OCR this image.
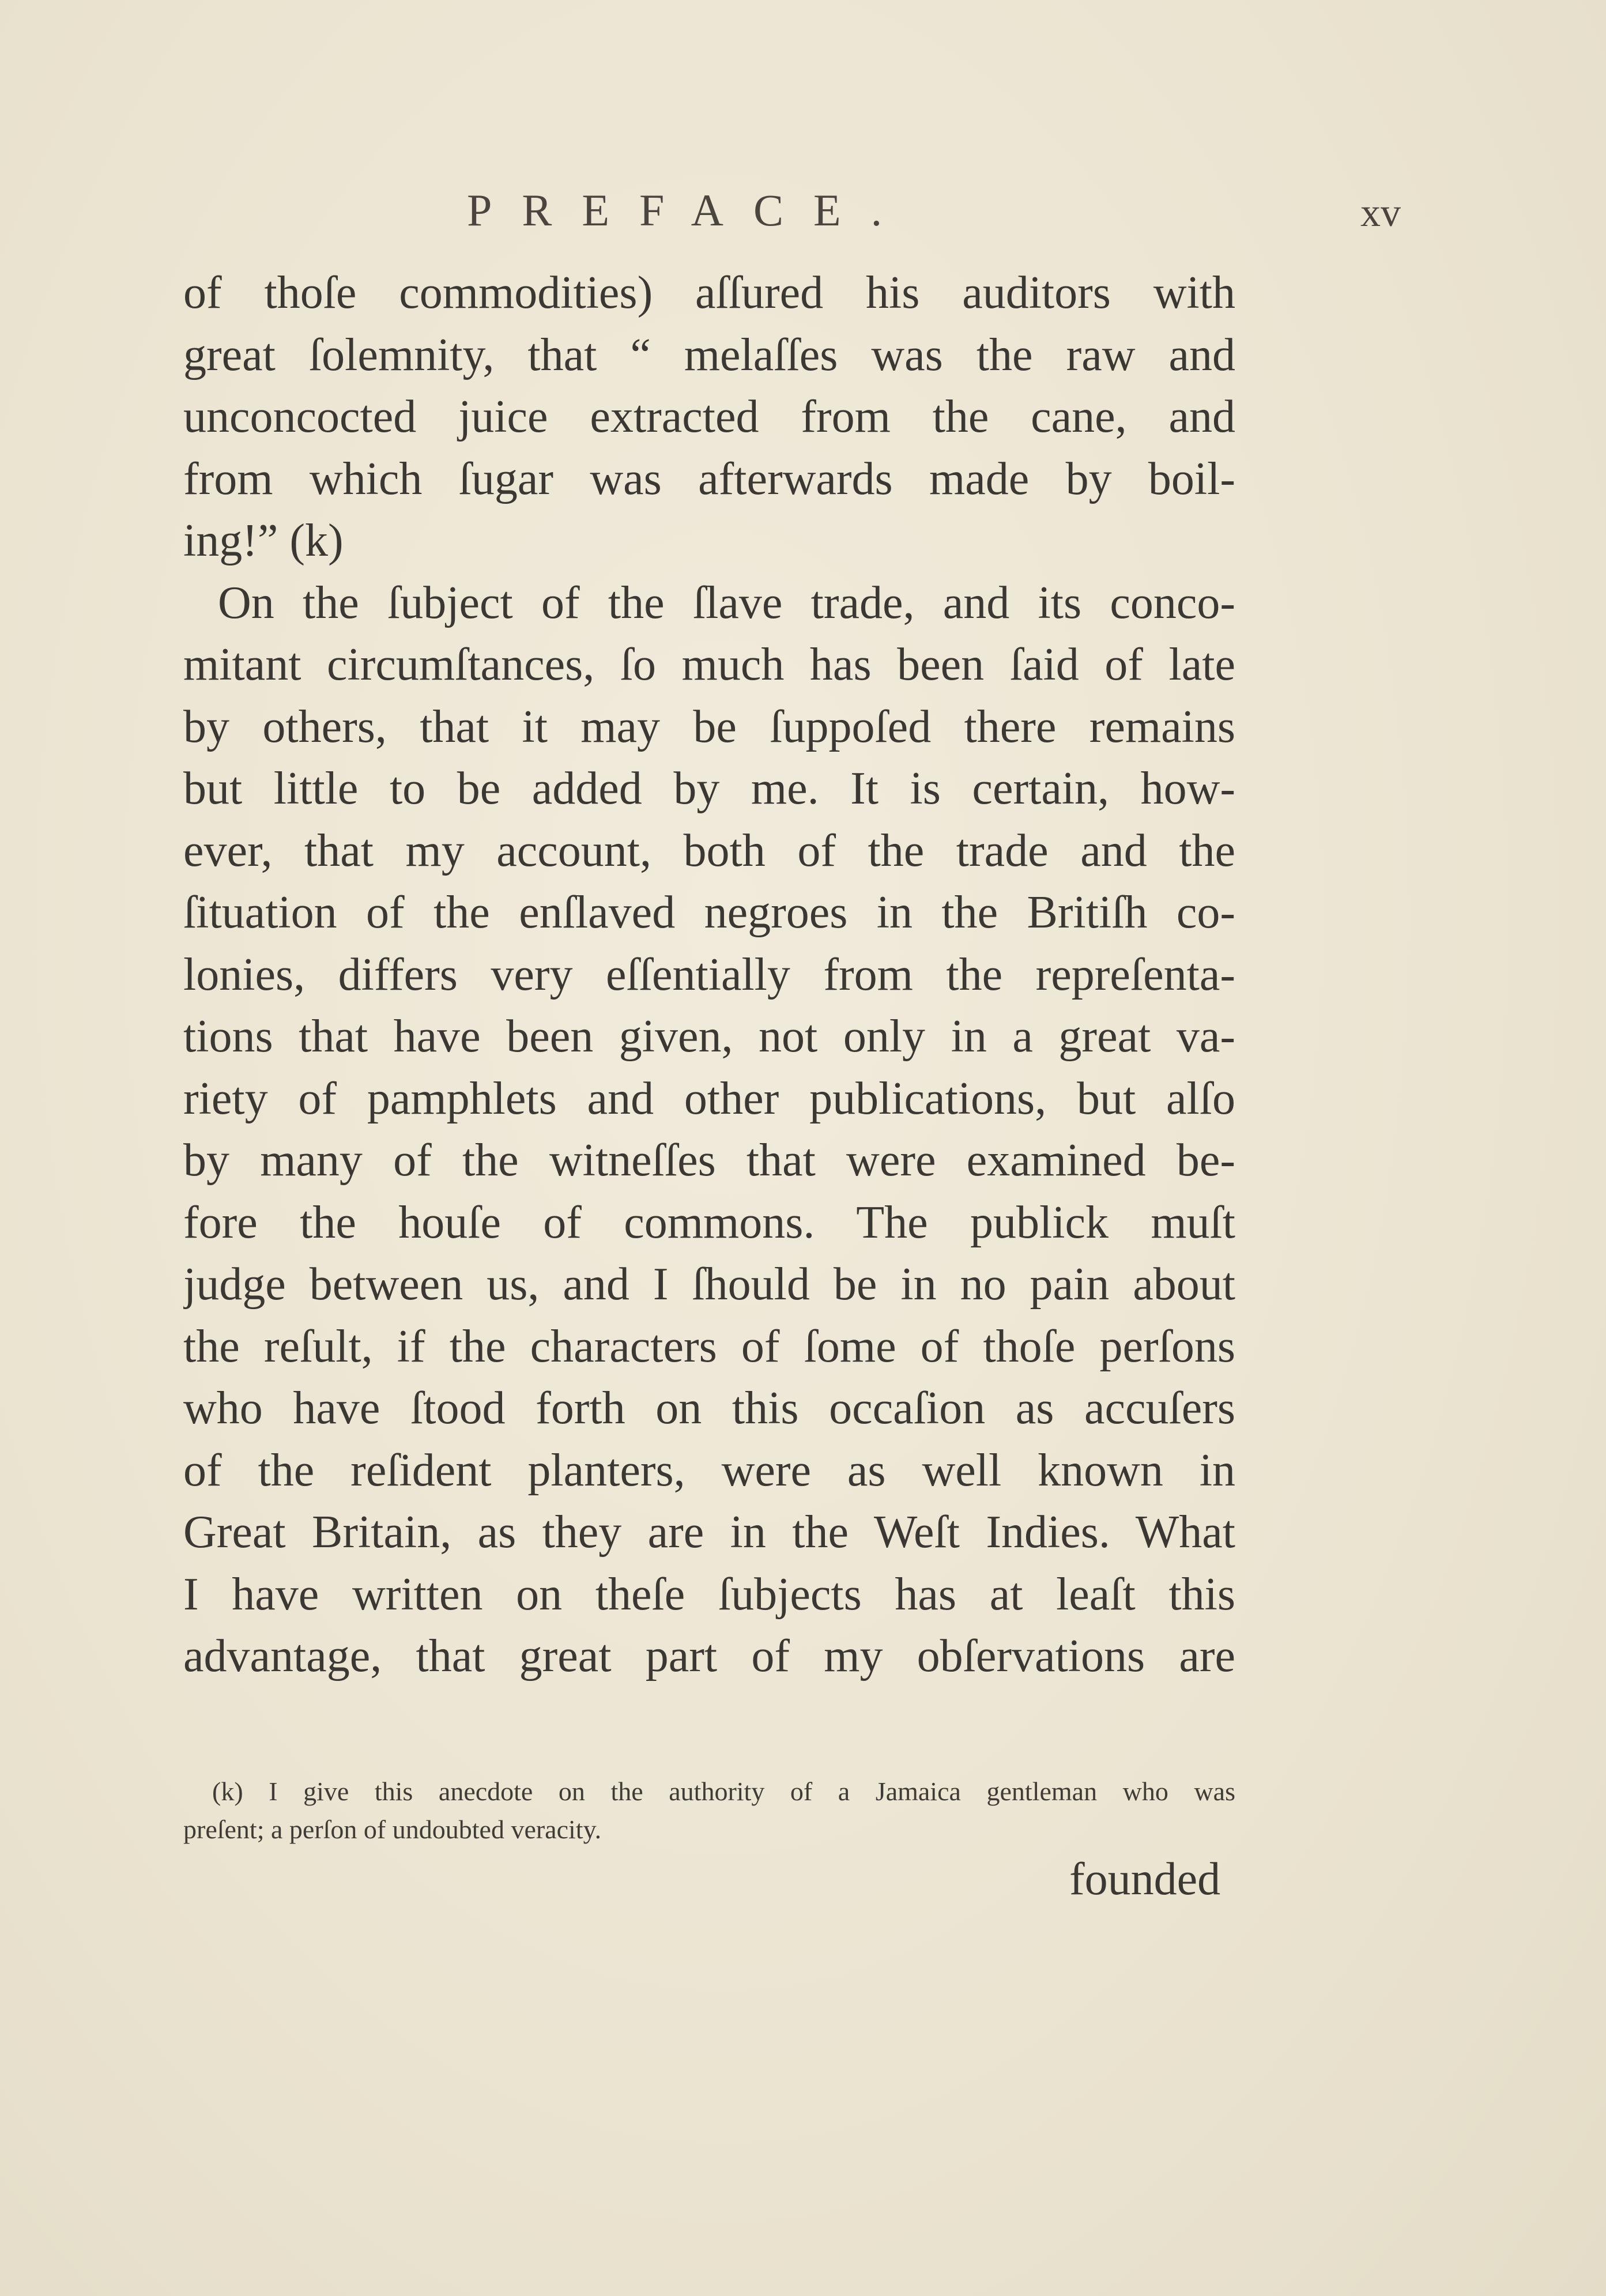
PREFACE.	xv
of thoſe commodities) aſſured his auditors with
great ſolemnity, that “ melaſſes was the raw and
unconcocted juice extracted from the cane, and
from which ſugar was afterwards made by boil-
ing!” (k)
On the ſubject of the ſlave trade, and its conco-
mitant circumſtances, ſo much has been ſaid of late
by others, that it may be ſuppoſed there remains
but little to be added by me. It is certain, how-
ever, that my account, both of the trade and the
ſituation of the enſlaved negroes in the Britiſh co-
lonies, differs very eſſentially from the repreſenta-
tions that have been given, not only in a great va-
riety of pamphlets and other publications, but alſo
by many of the witneſſes that were examined be-
fore the houſe of commons. The publick muſt
judge between us, and I ſhould be in no pain about
the reſult, if the characters of ſome of thoſe perſons
who have ſtood forth on this occaſion as accuſers
of the reſident planters, were as well known in
Great Britain, as they are in the Weſt Indies. What
I have written on theſe ſubjects has at leaſt this
advantage, that great part of my obſervations are
(k) I give this anecdote on the authority of a Jamaica gentleman who was
preſent; a perſon of undoubted veracity.
founded
